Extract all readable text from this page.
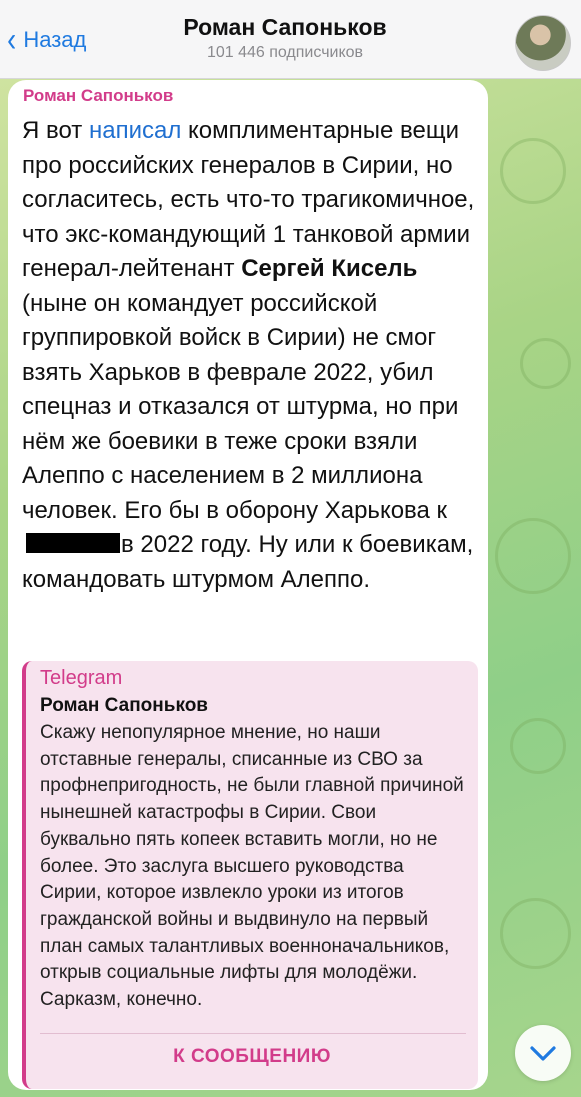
‹ Назад	Роман Сапоньков
101 446 подписчиков
Роман Сапоньков
Я вот написал комплиментарные вещи про российских генералов в Сирии, но согласитесь, есть что-то трагикомичное, что экс-командующий 1 танковой армии генерал-лейтенант Сергей Кисель (ныне он командует российской группировкой войск в Сирии) не смог взять Харьков в феврале 2022, убил спецназ и отказался от штурма, но при нём же боевики в теже сроки взяли Алеппо с населением в 2 миллиона человек. Его бы в оборону Харькова к в 2022 году. Ну или к боевикам, командовать штурмом Алеппо.
Telegram
Роман Сапоньков
Скажу непопулярное мнение, но наши отставные генералы, списанные из СВО за профнепригодность, не были главной причиной нынешней катастрофы в Сирии. Свои буквально пять копеек вставить могли, но не более. Это заслуга высшего руководства Сирии, которое извлекло уроки из итогов гражданской войны и выдвинуло на первый план самых талантливых военноначальников, открыв социальные лифты для молодёжи. Сарказм, конечно.
К СООБЩЕНИЮ
